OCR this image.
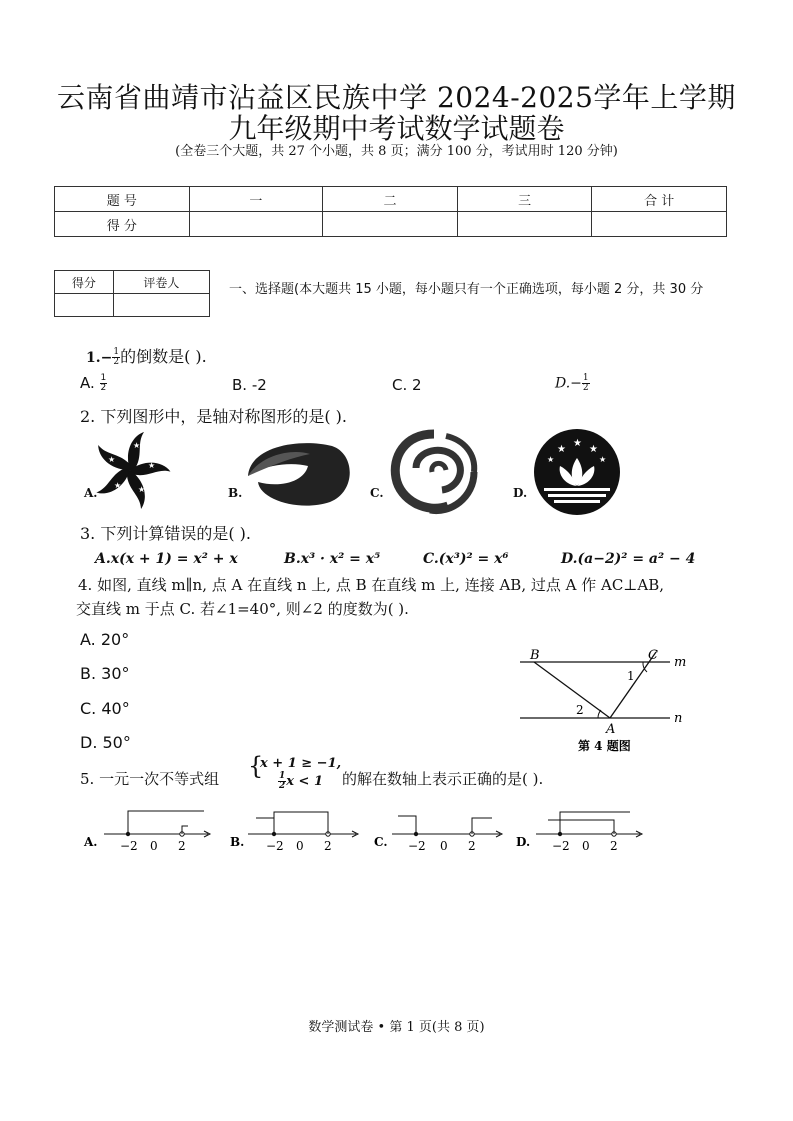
云南省曲靖市沾益区民族中学 2024-2025学年上学期
九年级期中考试数学试题卷
(全卷三个大题，共 27 个小题，共 8 页；满分 100 分，考试用时 120 分钟)
题 号	一	二	三	合 计
得 分				
得分	评卷人
		一、选择题(本大题共 15 小题，每小题只有一个正确选项，每小题 2 分，共 30 分
$1.- \frac{1}{2}$ 的倒数是( ).
A. $\frac{1}{2}$	B. -2	C. 2	$D.- \frac{1}{2}$
2. 下列图形中，是轴对称图形的是( ).
★
★
★
★
★
A.	B.	C.
★
★ ★
★	★
D.
3. 下列计算错误的是( ).
A.x(x + 1) = x² + x	B.x³ · x² = x⁵	C.(x³)² = x⁶	D.(a−2)² = a² − 4
4. 如图, 直线 m∥n, 点 A 在直线 n 上, 点 B 在直线 m 上, 连接 AB, 过点 A 作 AC⊥AB,
交直线 m 于点 C. 若∠1=40°, 则∠2 的度数为( ).
A. 20°
B. 30°
C. 40°
D. 50°
B	C
A
m
n
1
2
第 4 题图
5. 一元一次不等式组 {
x + 1 ≥ −1,
$\frac{1}{2}$ x < 1 的解在数轴上表示正确的是( ).
A. −2 0 2	B. −2 0 2	C. −2 0 2	D. −2 0 2
数学测试卷 • 第 1 页(共 8 页)
